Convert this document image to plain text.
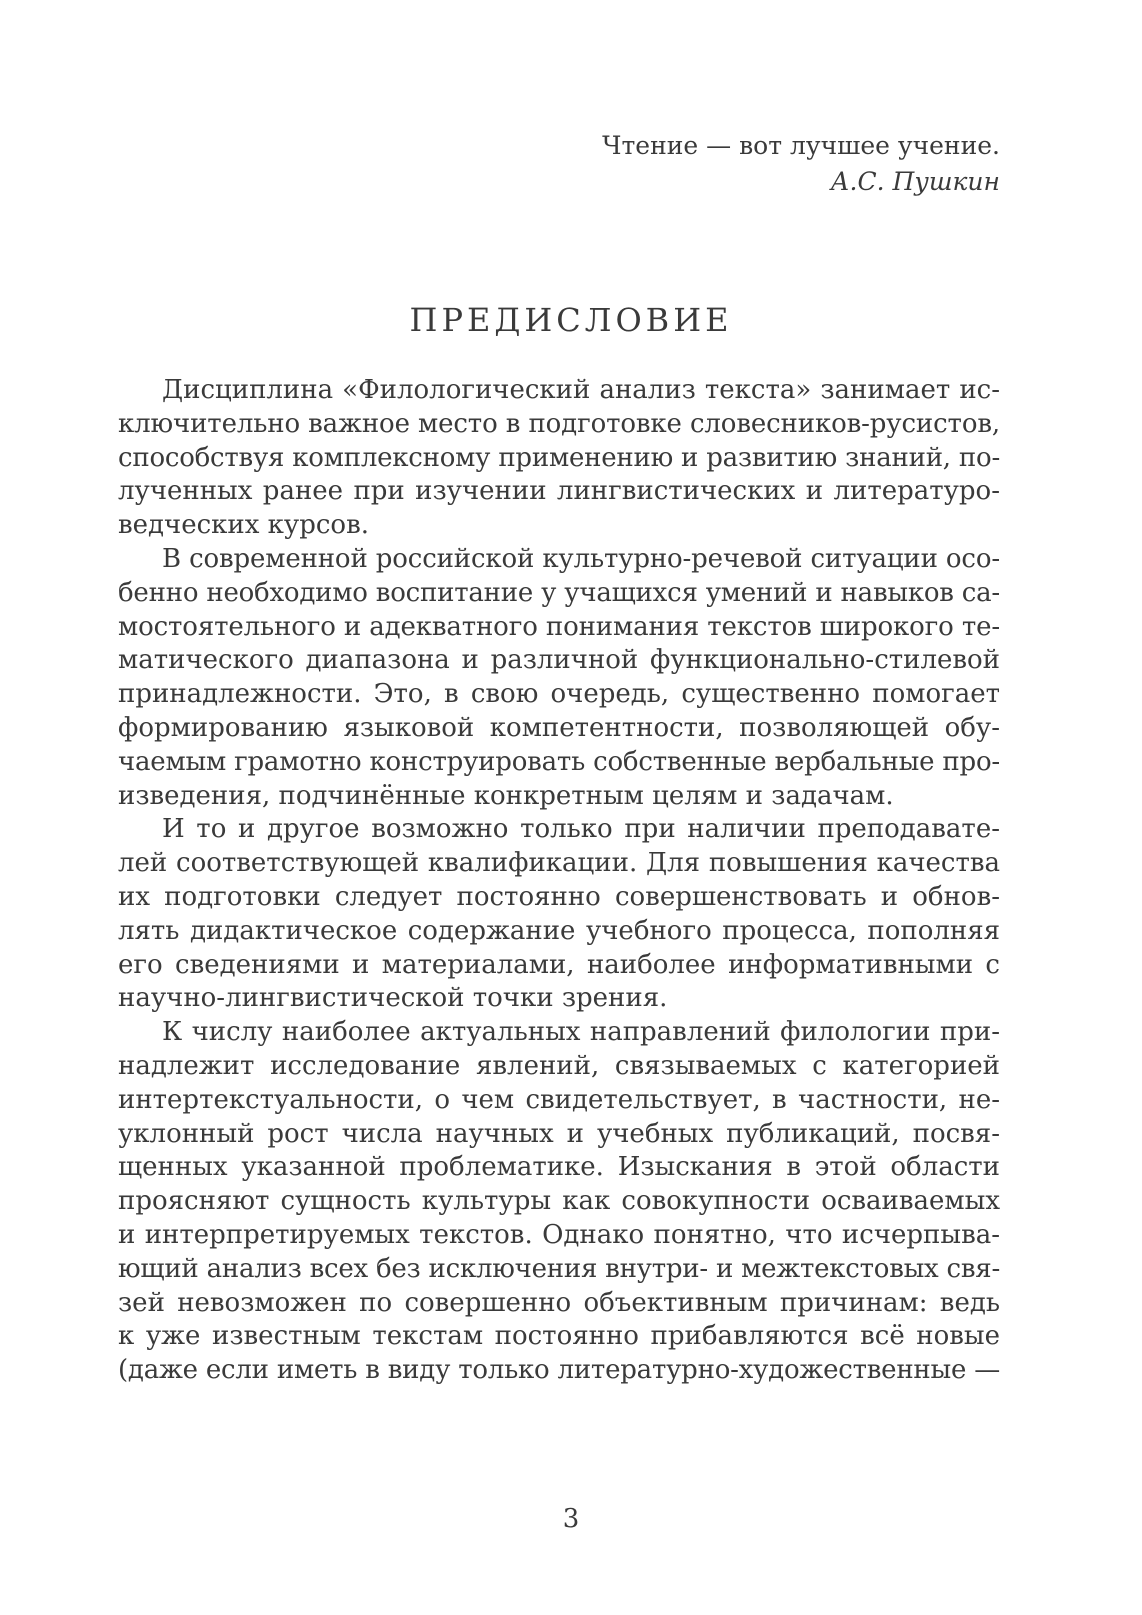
Чтение — вот лучшее учение.
А.С. Пушкин
ПРЕДИСЛОВИЕ
Дисциплина «Филологический анализ текста» занимает ис-
ключительно важное место в подготовке словесников-русистов,
способствуя комплексному применению и развитию знаний, по-
лученных ранее при изучении лингвистических и литературо-
ведческих курсов.
В современной российской культурно-речевой ситуации осо-
бенно необходимо воспитание у учащихся умений и навыков са-
мостоятельного и адекватного понимания текстов широкого те-
матического диапазона и различной функционально-стилевой
принадлежности. Это, в свою очередь, существенно помогает
формированию языковой компетентности, позволяющей обу-
чаемым грамотно конструировать собственные вербальные про-
изведения, подчинённые конкретным целям и задачам.
И то и другое возможно только при наличии преподавате-
лей соответствующей квалификации. Для повышения качества
их подготовки следует постоянно совершенствовать и обнов-
лять дидактическое содержание учебного процесса, пополняя
его сведениями и материалами, наиболее информативными с
научно-лингвистической точки зрения.
К числу наиболее актуальных направлений филологии при-
надлежит исследование явлений, связываемых с категорией
интертекстуальности, о чем свидетельствует, в частности, не-
уклонный рост числа научных и учебных публикаций, посвя-
щенных указанной проблематике. Изыскания в этой области
проясняют сущность культуры как совокупности осваиваемых
и интерпретируемых текстов. Однако понятно, что исчерпыва-
ющий анализ всех без исключения внутри- и межтекстовых свя-
зей невозможен по совершенно объективным причинам: ведь
к уже известным текстам постоянно прибавляются всё новые
(даже если иметь в виду только литературно-художественные —
3
